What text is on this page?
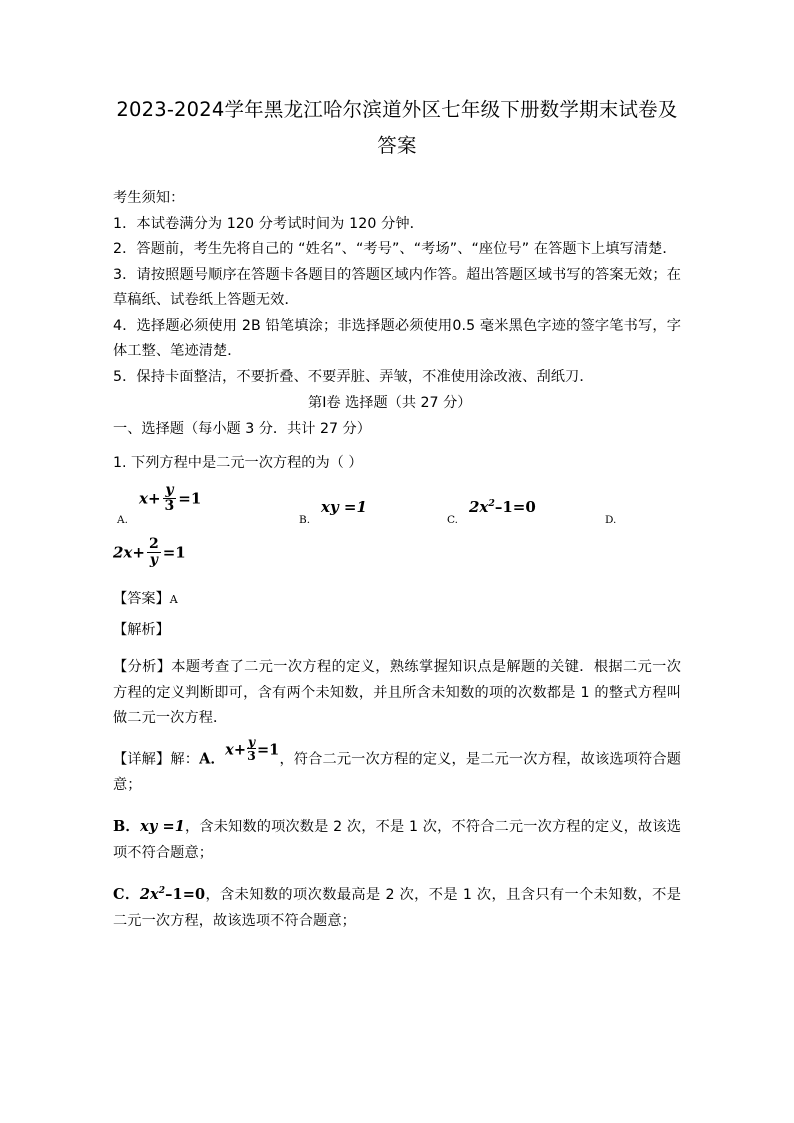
2023-2024学年黑龙江哈尔滨道外区七年级下册数学期末试卷及答案

考生须知：

1．本试卷满分为 120 分考试时间为 120 分钟．

2．答题前，考生先将自己的 “姓名”、“考号”、“考场”、“座位号” 在答题卞上填写清楚．

3．请按照题号顺序在答题卡各题目的答题区域内作答。超出答题区域书写的答案无效；在草稿纸、试卷纸上答题无效．

4．选择题必须使用 2B 铅笔填涂；非选择题必须使用0.5 毫米黑色字迹的签字笔书写，字体工整、笔迹清楚．

5．保持卡面整洁，不要折叠、不要弄脏、弄皱，不准使用涂改液、刮纸刀．

第Ⅰ卷 选择题（共 27 分）

一、选择题（每小题 3 分．共计 27 分）

1. 下列方程中是二元一次方程的为（ ）

A.
$x+ \frac{y}{3} =1$
B.
xy =1
C.
$2x^2-1=0$
D.
$2x+ \frac{2}{y} =1$

【答案】A

【解析】

【分析】本题考查了二元一次方程的定义，熟练掌握知识点是解题的关键．根据二元一次方程的定义判断即可，含有两个未知数，并且所含未知数的项的次数都是 1 的整式方程叫做二元一次方程．

【详解】解：A．$x+ \frac{y}{3} =1$，符合二元一次方程的定义，是二元一次方程，故该选项符合题意；

B．xy =1，含未知数的项次数是 2 次，不是 1 次，不符合二元一次方程的定义，故该选项不符合题意；

C．$2x^2-1=0$，含未知数的项次数最高是 2 次，不是 1 次，且含只有一个未知数，不是二元一次方程，故该选项不符合题意；
